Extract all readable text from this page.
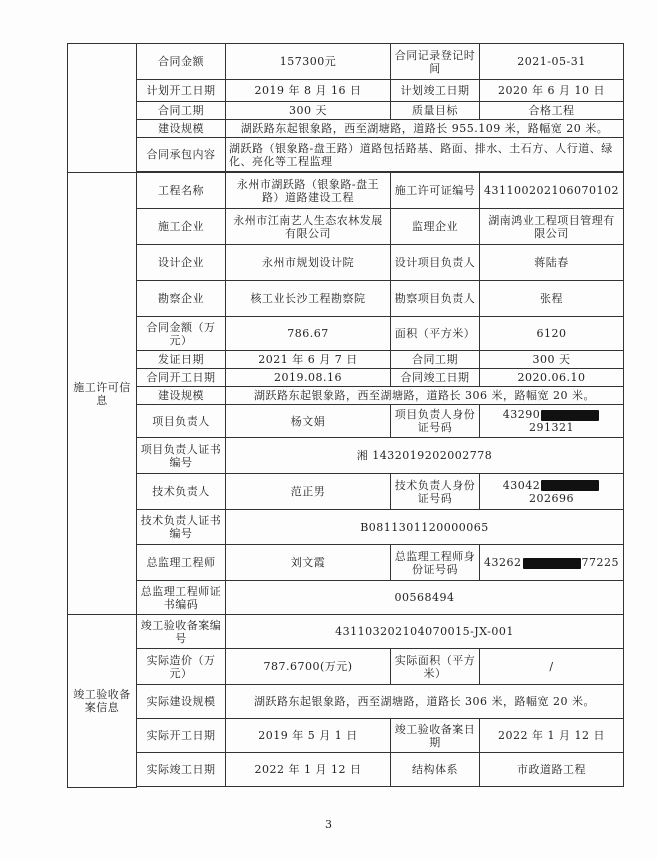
	合同金额	157300元	合同记录登记时间	2021-05-31
	计划开工日期	2019 年 8 月 16 日	计划竣工日期	2020 年 6 月 10 日
	合同工期	300 天	质量目标	合格工程
	建设规模	湖跃路东起银象路，西至湖塘路，道路长 955.109 米，路幅宽 20 米。		
	合同承包内容	湖跃路（银象路-盘王路）道路包括路基、路面、排水、土石方、人行道、绿化、亮化等工程监理		

施工许可信息	工程名称	永州市湖跃路（银象路-盘王路）道路建设工程	施工许可证编号	431100202106070102
	施工企业	永州市江南艺人生态农林发展有限公司	监理企业	湖南鸿业工程项目管理有限公司
	设计企业	永州市规划设计院	设计项目负责人	蒋陆春
	勘察企业	核工业长沙工程勘察院	勘察项目负责人	张程
	合同金额（万元）	786.67	面积（平方米）	6120
	发证日期	2021 年 6 月 7 日	合同工期	300 天
	合同开工日期	2019.08.16	合同竣工日期	2020.06.10
	建设规模	湖跃路东起银象路，西至湖塘路，道路长 306 米，路幅宽 20 米。		
	项目负责人	杨文娟	项目负责人身份证号码	43290291321
	项目负责人证书编号	湘 1432019202002778		
	技术负责人	范正男	技术负责人身份证号码	43042202696
	技术负责人证书编号	B0811301120000065		
	总监理工程师	刘文霞	总监理工程师身份证号码	43262 77225
	总监理工程师证书编码	00568494		
竣工验收备案信息	竣工验收备案编号	431103202104070015-JX-001		
	实际造价（万元）	787.6700(万元)	实际面积（平方米）	/
	实际建设规模	湖跃路东起银象路，西至湖塘路，道路长 306 米，路幅宽 20 米。		
	实际开工日期	2019 年 5 月 1 日	竣工验收备案日期	2022 年 1 月 12 日
	实际竣工日期	2022 年 1 月 12 日	结构体系	市政道路工程

3
